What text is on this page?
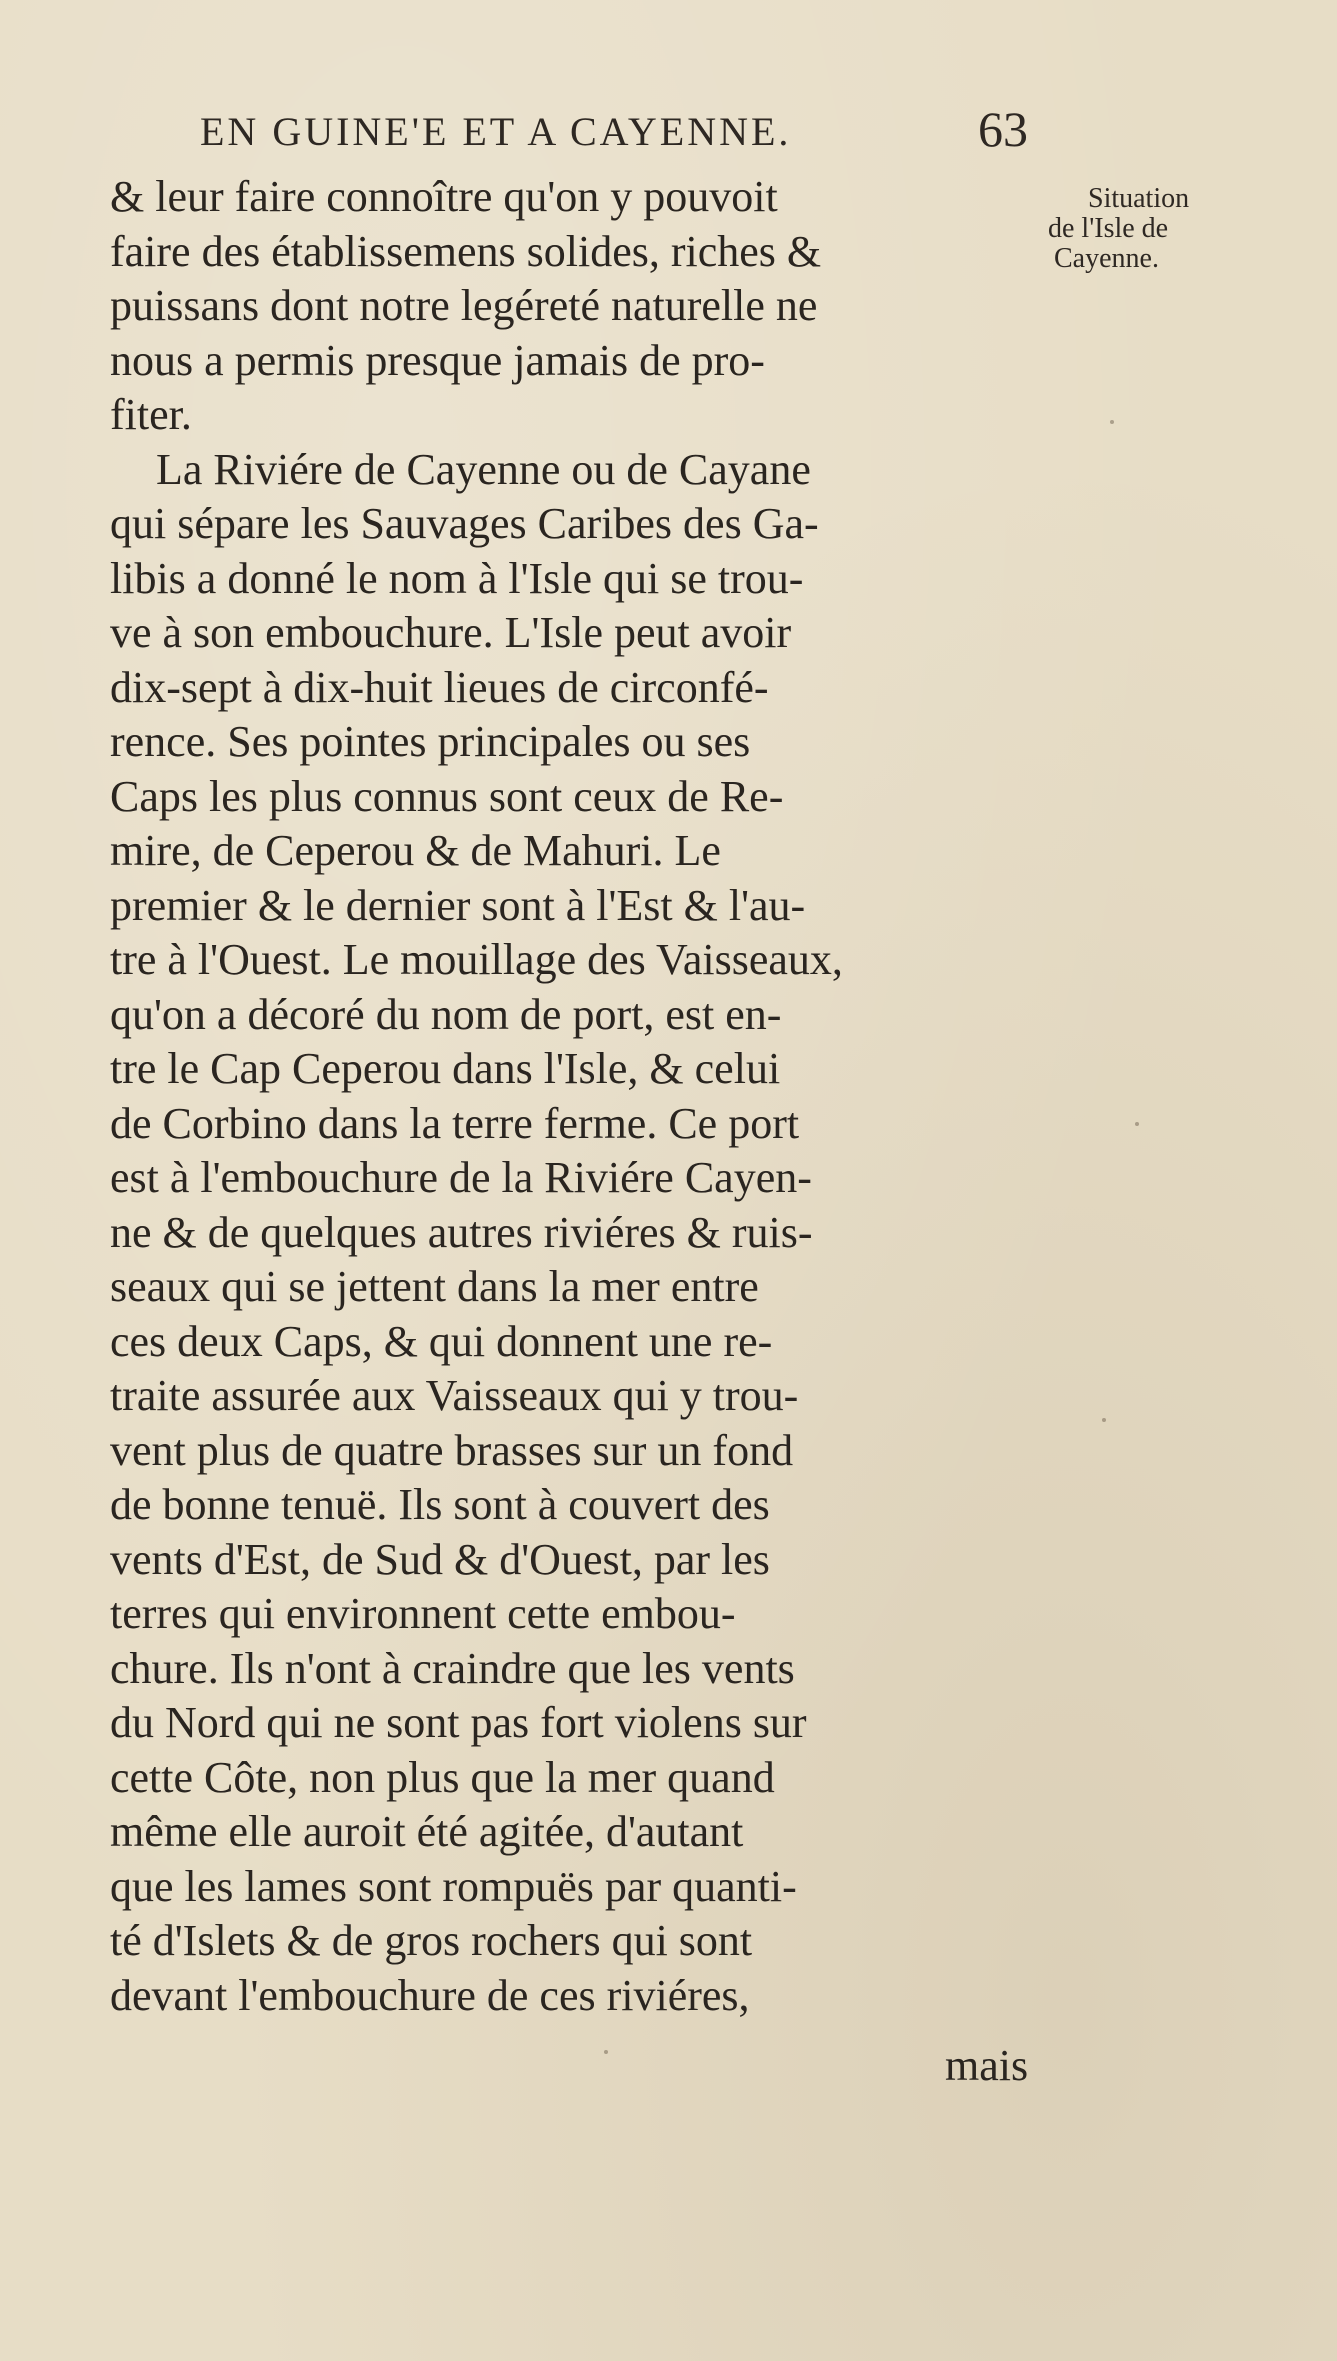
EN GUINE'E ET A CAYENNE.	63
Situation
de l'Isle de
Cayenne.
& leur faire connoître qu'on y pouvoit
faire des établissemens solides, riches &
puissans dont notre legéreté naturelle ne
nous a permis presque jamais de pro-
fiter.
La Riviére de Cayenne ou de Cayane
qui sépare les Sauvages Caribes des Ga-
libis a donné le nom à l'Isle qui se trou-
ve à son embouchure. L'Isle peut avoir
dix-sept à dix-huit lieues de circonfé-
rence. Ses pointes principales ou ses
Caps les plus connus sont ceux de Re-
mire, de Ceperou & de Mahuri. Le
premier & le dernier sont à l'Est & l'au-
tre à l'Ouest. Le mouillage des Vaisseaux,
qu'on a décoré du nom de port, est en-
tre le Cap Ceperou dans l'Isle, & celui
de Corbino dans la terre ferme. Ce port
est à l'embouchure de la Riviére Cayen-
ne & de quelques autres riviéres & ruis-
seaux qui se jettent dans la mer entre
ces deux Caps, & qui donnent une re-
traite assurée aux Vaisseaux qui y trou-
vent plus de quatre brasses sur un fond
de bonne tenuë. Ils sont à couvert des
vents d'Est, de Sud & d'Ouest, par les
terres qui environnent cette embou-
chure. Ils n'ont à craindre que les vents
du Nord qui ne sont pas fort violens sur
cette Côte, non plus que la mer quand
même elle auroit été agitée, d'autant
que les lames sont rompuës par quanti-
té d'Islets & de gros rochers qui sont
devant l'embouchure de ces riviéres,
mais
